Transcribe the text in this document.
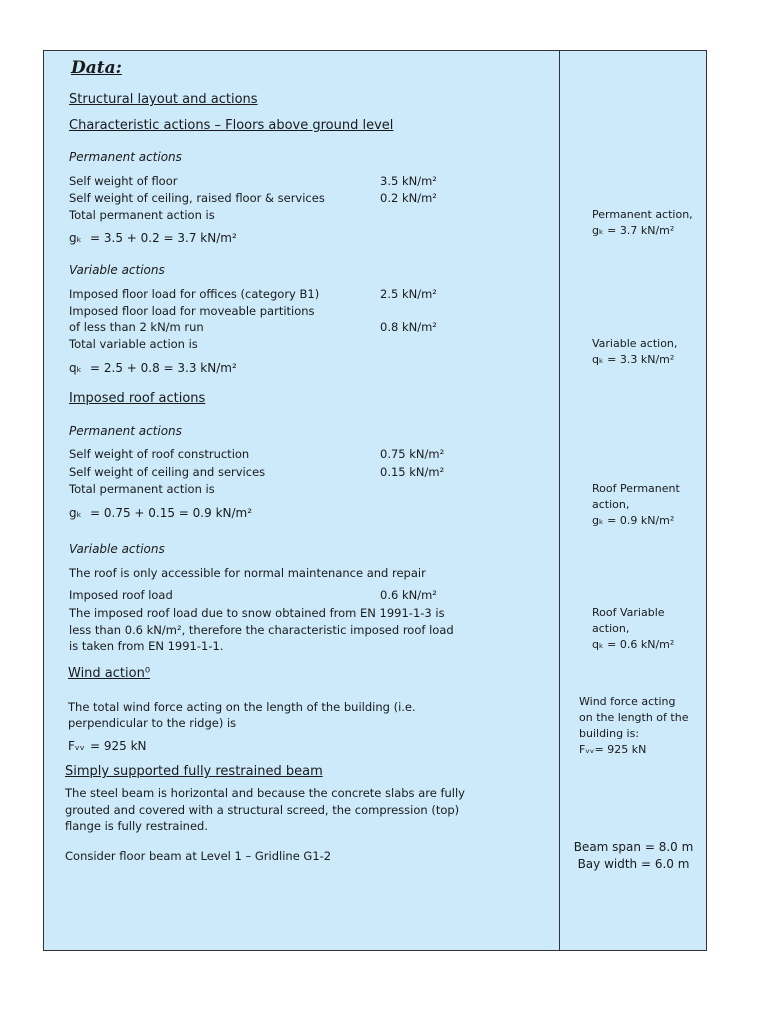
Data:
Structural layout and actions
Characteristic actions – Floors above ground level
Permanent actions
Self weight of floor	3.5 kN/m²
Self weight of ceiling, raised floor & services	0.2 kN/m²
Total permanent action is
gₖ = 3.5 + 0.2 = 3.7 kN/m²
Variable actions
Imposed floor load for offices (category B1)	2.5 kN/m²
Imposed floor load for moveable partitions
of less than 2 kN/m run	0.8 kN/m²
Total variable action is
qₖ = 2.5 + 0.8 = 3.3 kN/m²
Imposed roof actions
Permanent actions
Self weight of roof construction	0.75 kN/m²
Self weight of ceiling and services	0.15 kN/m²
Total permanent action is
gₖ = 0.75 + 0.15 = 0.9 kN/m²
Variable actions
The roof is only accessible for normal maintenance and repair
Imposed roof load	0.6 kN/m²
The imposed roof load due to snow obtained from EN 1991-1-3 is
less than 0.6 kN/m², therefore the characteristic imposed roof load
is taken from EN 1991-1-1.
Wind action⁰
The total wind force acting on the length of the building (i.e.
perpendicular to the ridge) is
Fᵥᵥ = 925 kN
Simply supported fully restrained beam
The steel beam is horizontal and because the concrete slabs are fully
grouted and covered with a structural screed, the compression (top)
flange is fully restrained.
Consider floor beam at Level 1 – Gridline G1-2
Permanent action,
gₖ = 3.7 kN/m²
Variable action,
qₖ = 3.3 kN/m²
Roof Permanent
action,
gₖ = 0.9 kN/m²
Roof Variable
action,
qₖ = 0.6 kN/m²
Wind force acting
on the length of the
building is:
Fᵥᵥ= 925 kN
Beam span = 8.0 m
Bay width = 6.0 m
